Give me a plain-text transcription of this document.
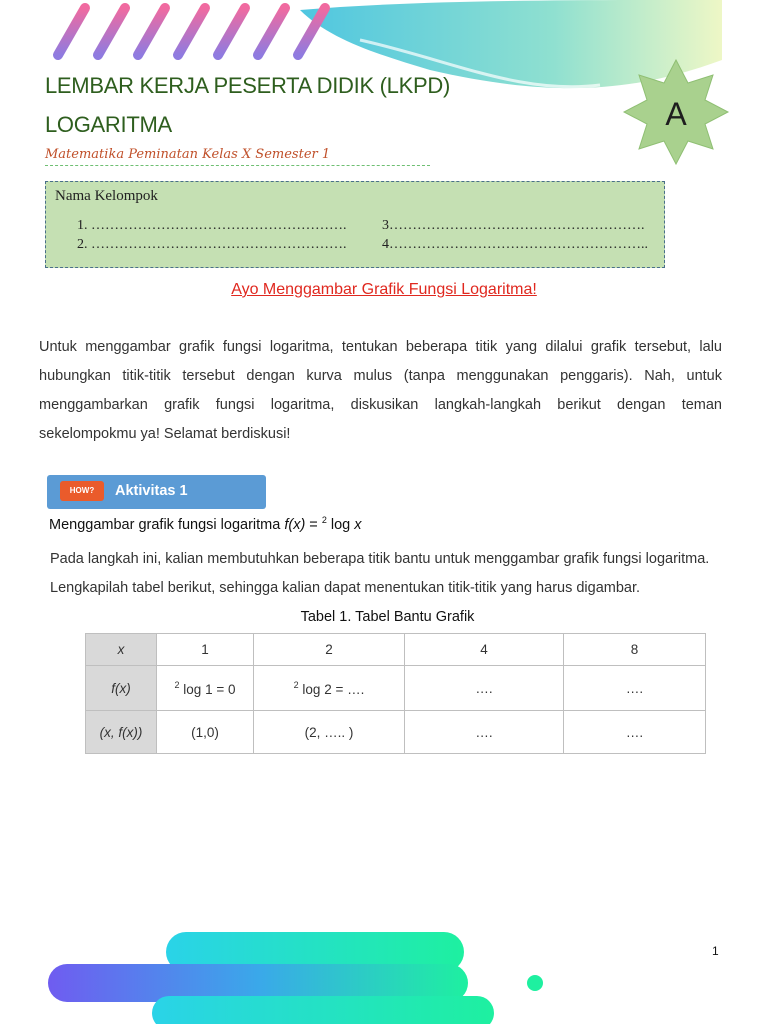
LEMBAR KERJA PESERTA DIDIK (LKPD)
LOGARITMA
Matematika Peminatan Kelas X Semester 1
A
Nama Kelompok
1. ……………………………………………….	3……………………………………………….
2. ……………………………………………….	4………………………………………………..
Ayo Menggambar Grafik Fungsi Logaritma!
Untuk menggambar grafik fungsi logaritma, tentukan beberapa titik yang dilalui grafik tersebut, lalu hubungkan titik-titik tersebut dengan kurva mulus (tanpa menggunakan penggaris). Nah, untuk menggambarkan grafik fungsi logaritma, diskusikan langkah-langkah berikut dengan teman sekelompokmu ya! Selamat berdiskusi!
HOW?	Aktivitas 1
Menggambar grafik fungsi logaritma f(x) = $^2$ log x
Pada langkah ini, kalian membutuhkan beberapa titik bantu untuk menggambar grafik fungsi logaritma. Lengkapilah tabel berikut, sehingga kalian dapat menentukan titik-titik yang harus digambar.
Tabel 1. Tabel Bantu Grafik
x	1	2	4	8
f(x)	$^2$ log 1 = 0	$^2$ log 2 = ….	….	….
(x, f(x))	(1,0)	(2, ….. )	….	….
1
